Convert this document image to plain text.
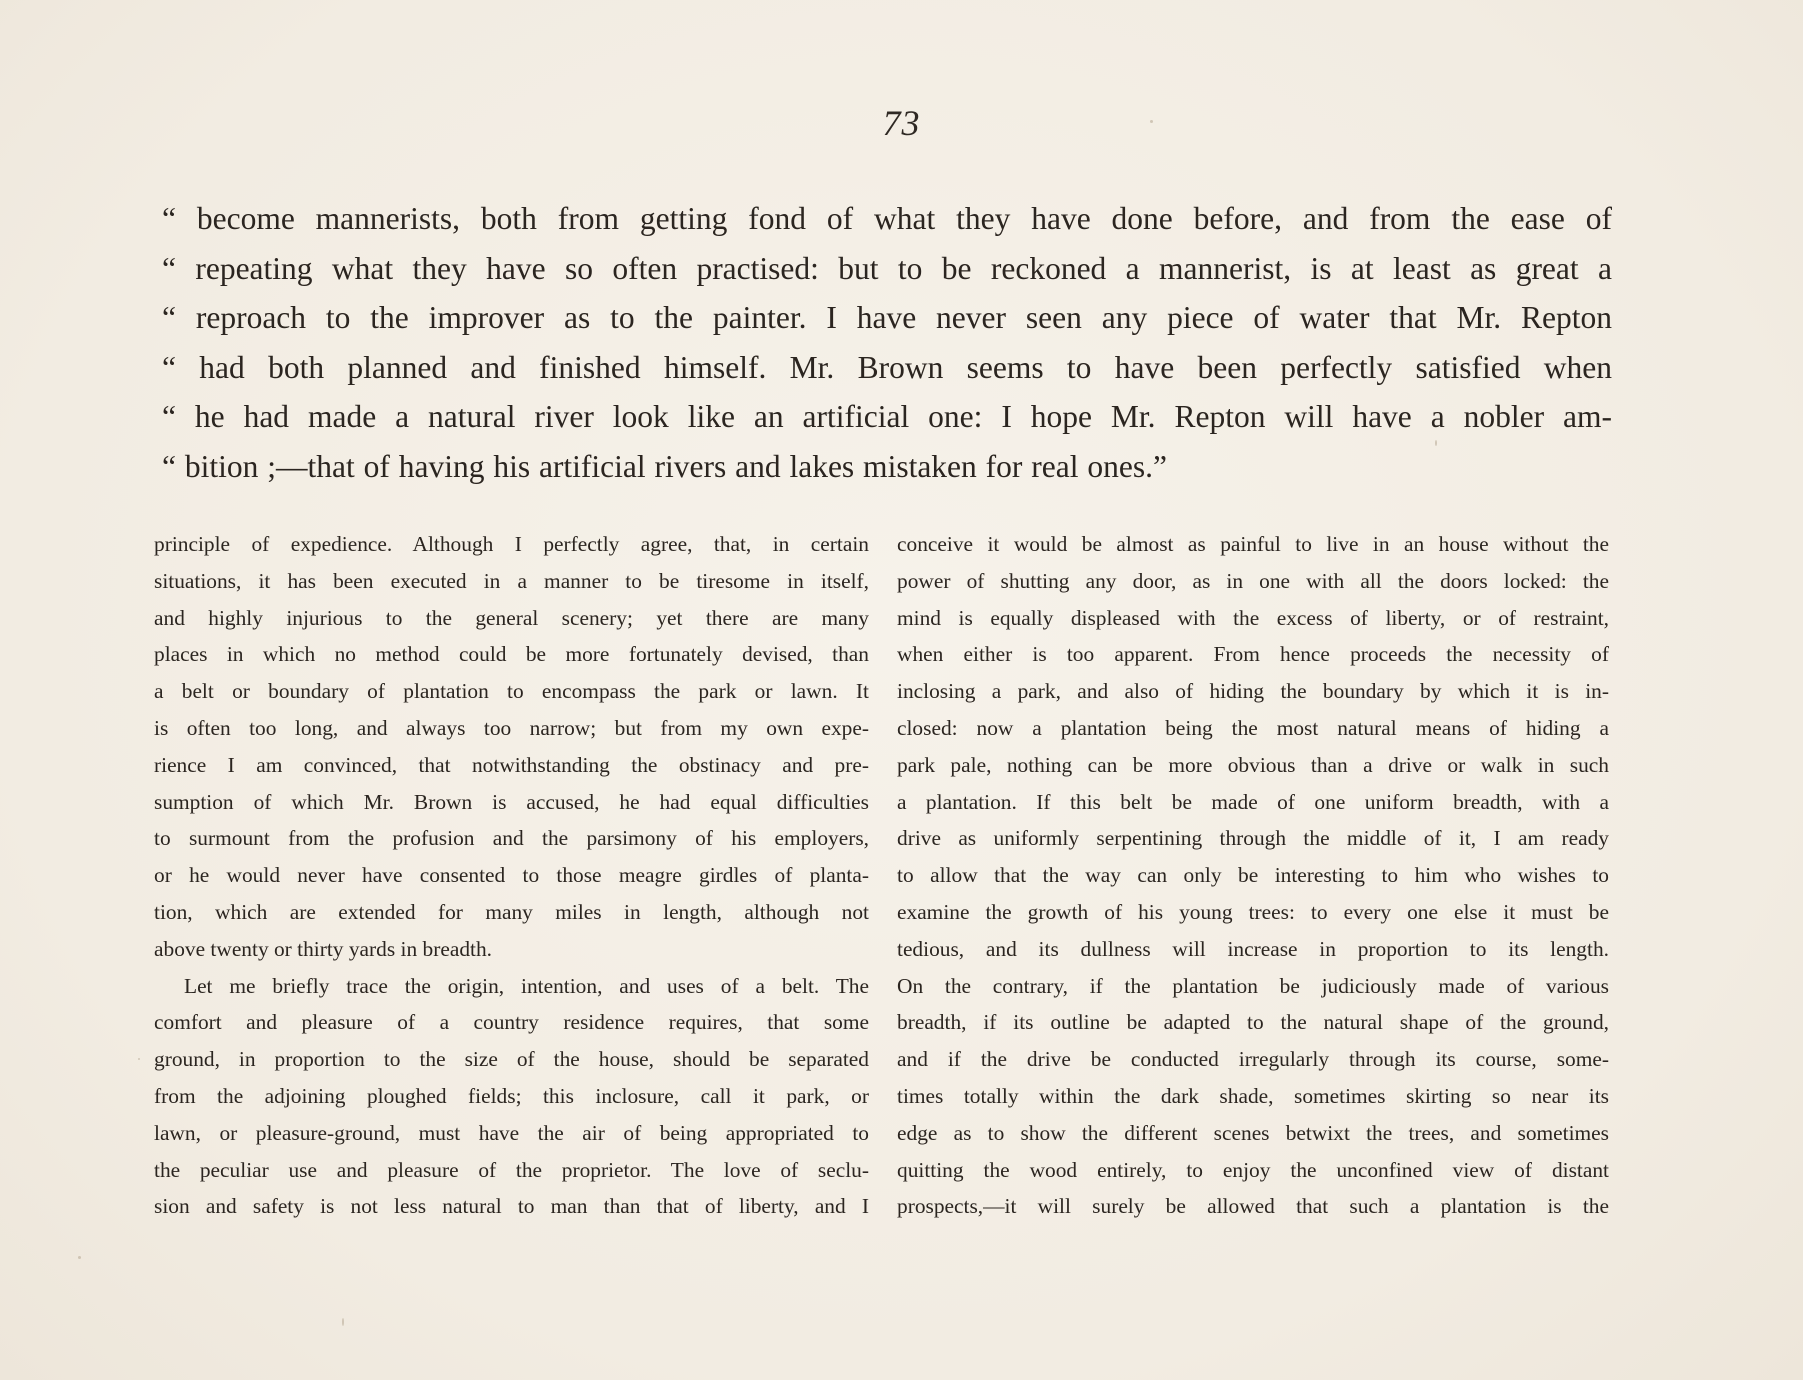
73
“ become mannerists, both from getting fond of what they have done before, and from the ease of
“ repeating what they have so often practised: but to be reckoned a mannerist, is at least as great a
“ reproach to the improver as to the painter. I have never seen any piece of water that Mr. Repton
“ had both planned and finished himself. Mr. Brown seems to have been perfectly satisfied when
“ he had made a natural river look like an artificial one: I hope Mr. Repton will have a nobler am-
“ bition ;—that of having his artificial rivers and lakes mistaken for real ones.”
principle of expedience. Although I perfectly agree, that, in certain
situations, it has been executed in a manner to be tiresome in itself,
and highly injurious to the general scenery; yet there are many
places in which no method could be more fortunately devised, than
a belt or boundary of plantation to encompass the park or lawn. It
is often too long, and always too narrow; but from my own expe-
rience I am convinced, that notwithstanding the obstinacy and pre-
sumption of which Mr. Brown is accused, he had equal difficulties
to surmount from the profusion and the parsimony of his employers,
or he would never have consented to those meagre girdles of planta-
tion, which are extended for many miles in length, although not
above twenty or thirty yards in breadth.
Let me briefly trace the origin, intention, and uses of a belt. The
comfort and pleasure of a country residence requires, that some
ground, in proportion to the size of the house, should be separated
from the adjoining ploughed fields; this inclosure, call it park, or
lawn, or pleasure-ground, must have the air of being appropriated to
the peculiar use and pleasure of the proprietor. The love of seclu-
sion and safety is not less natural to man than that of liberty, and I
conceive it would be almost as painful to live in an house without the
power of shutting any door, as in one with all the doors locked: the
mind is equally displeased with the excess of liberty, or of restraint,
when either is too apparent. From hence proceeds the necessity of
inclosing a park, and also of hiding the boundary by which it is in-
closed: now a plantation being the most natural means of hiding a
park pale, nothing can be more obvious than a drive or walk in such
a plantation. If this belt be made of one uniform breadth, with a
drive as uniformly serpentining through the middle of it, I am ready
to allow that the way can only be interesting to him who wishes to
examine the growth of his young trees: to every one else it must be
tedious, and its dullness will increase in proportion to its length.
On the contrary, if the plantation be judiciously made of various
breadth, if its outline be adapted to the natural shape of the ground,
and if the drive be conducted irregularly through its course, some-
times totally within the dark shade, sometimes skirting so near its
edge as to show the different scenes betwixt the trees, and sometimes
quitting the wood entirely, to enjoy the unconfined view of distant
prospects,—it will surely be allowed that such a plantation is the
